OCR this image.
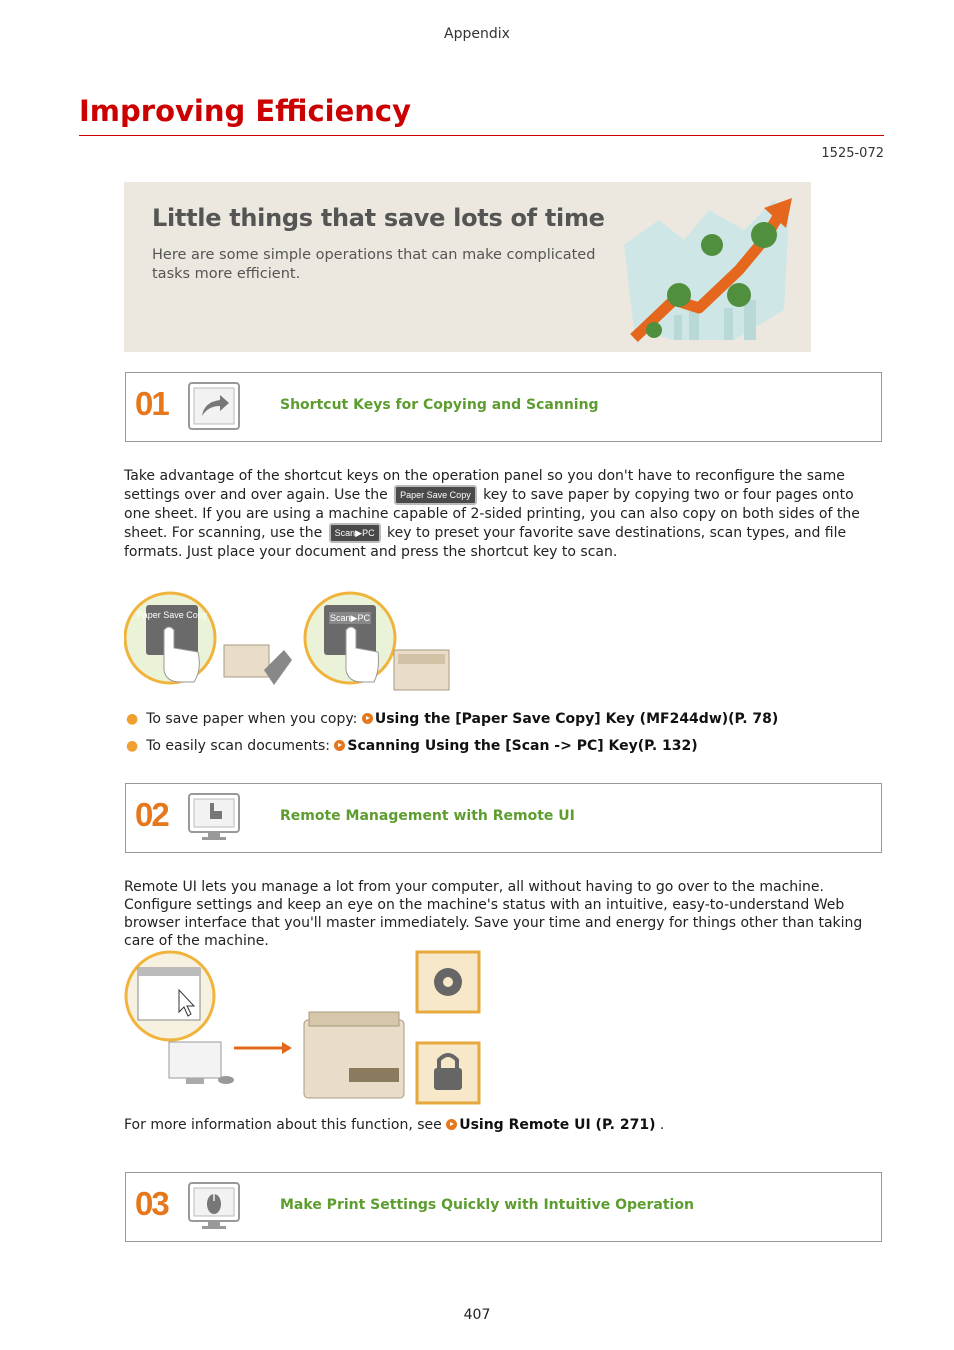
Appendix
Improving Efficiency
1525-072
Little things that save lots of time
Here are some simple operations that can make complicated tasks more efficient.
01	Shortcut Keys for Copying and Scanning
Take advantage of the shortcut keys on the operation panel so you don't have to reconfigure the same settings over and over again. Use the Paper Save Copy key to save paper by copying two or four pages onto one sheet. If you are using a machine capable of 2-sided printing, you can also copy on both sides of the sheet. For scanning, use the Scan▶PC key to preset your favorite save destinations, scan types, and file formats. Just place your document and press the shortcut key to scan.
Paper Save Copy	Scan▶PC
● To save paper when you copy: Using the [Paper Save Copy] Key (MF244dw)(P. 78)
● To easily scan documents: Scanning Using the [Scan -> PC] Key(P. 132)
02	Remote Management with Remote UI
Remote UI lets you manage a lot from your computer, all without having to go over to the machine. Configure settings and keep an eye on the machine's status with an intuitive, easy-to-understand Web browser interface that you'll master immediately. Save your time and energy for things other than taking care of the machine.
For more information about this function, see Using Remote UI (P. 271) .
03	Make Print Settings Quickly with Intuitive Operation
407
